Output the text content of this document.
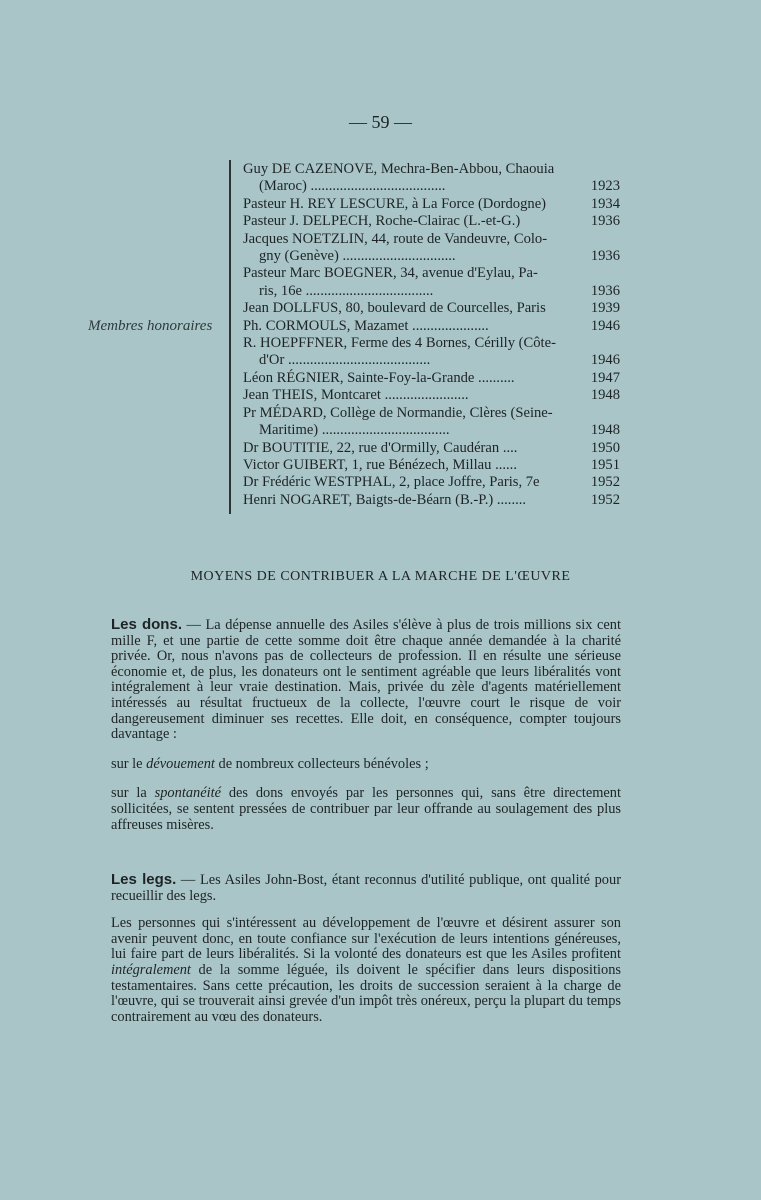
— 59 —
Membres honoraires
Guy DE CAZENOVE, Mechra-Ben-Abbou, Chaouia
(Maroc) .....................................	1923
Pasteur H. REY LESCURE, à La Force (Dordogne)	1934
Pasteur J. DELPECH, Roche-Clairac (L.-et-G.)	1936
Jacques NOETZLIN, 44, route de Vandeuvre, Colo-
gny (Genève) ...............................	1936
Pasteur Marc BOEGNER, 34, avenue d'Eylau, Pa-
ris, 16e ...................................	1936
Jean DOLLFUS, 80, boulevard de Courcelles, Paris	1939
Ph. CORMOULS, Mazamet .....................	1946
R. HOEPFFNER, Ferme des 4 Bornes, Cérilly (Côte-
d'Or .......................................	1946
Léon RÉGNIER, Sainte-Foy-la-Grande ..........	1947
Jean THEIS, Montcaret .......................	1948
Pr MÉDARD, Collège de Normandie, Clères (Seine-
Maritime) ...................................	1948
Dr BOUTITIE, 22, rue d'Ormilly, Caudéran ....	1950
Victor GUIBERT, 1, rue Bénézech, Millau ......	1951
Dr Frédéric WESTPHAL, 2, place Joffre, Paris, 7e	1952
Henri NOGARET, Baigts-de-Béarn (B.-P.) ........	1952
MOYENS DE CONTRIBUER A LA MARCHE DE L'ŒUVRE

Les dons. — La dépense annuelle des Asiles s'élève à plus de trois millions six cent mille F, et une partie de cette somme doit être chaque année demandée à la charité privée. Or, nous n'avons pas de collecteurs de profession. Il en résulte une sérieuse économie et, de plus, les donateurs ont le sentiment agréable que leurs libéralités vont intégralement à leur vraie destination. Mais, privée du zèle d'agents matériellement intéressés au résultat fructueux de la collecte, l'œuvre court le risque de voir dangereusement diminuer ses recettes. Elle doit, en conséquence, compter toujours davantage :

sur le dévouement de nombreux collecteurs bénévoles ;

sur la spontanéité des dons envoyés par les personnes qui, sans être directement sollicitées, se sentent pressées de contribuer par leur offrande au soulagement des plus affreuses misères.

Les legs. — Les Asiles John-Bost, étant reconnus d'utilité publique, ont qualité pour recueillir des legs.

Les personnes qui s'intéressent au développement de l'œuvre et désirent assurer son avenir peuvent donc, en toute confiance sur l'exécution de leurs intentions généreuses, lui faire part de leurs libéralités. Si la volonté des donateurs est que les Asiles profitent intégralement de la somme léguée, ils doivent le spécifier dans leurs dispositions testamentaires. Sans cette précaution, les droits de succession seraient à la charge de l'œuvre, qui se trouverait ainsi grevée d'un impôt très onéreux, perçu la plupart du temps contrairement au vœu des donateurs.
